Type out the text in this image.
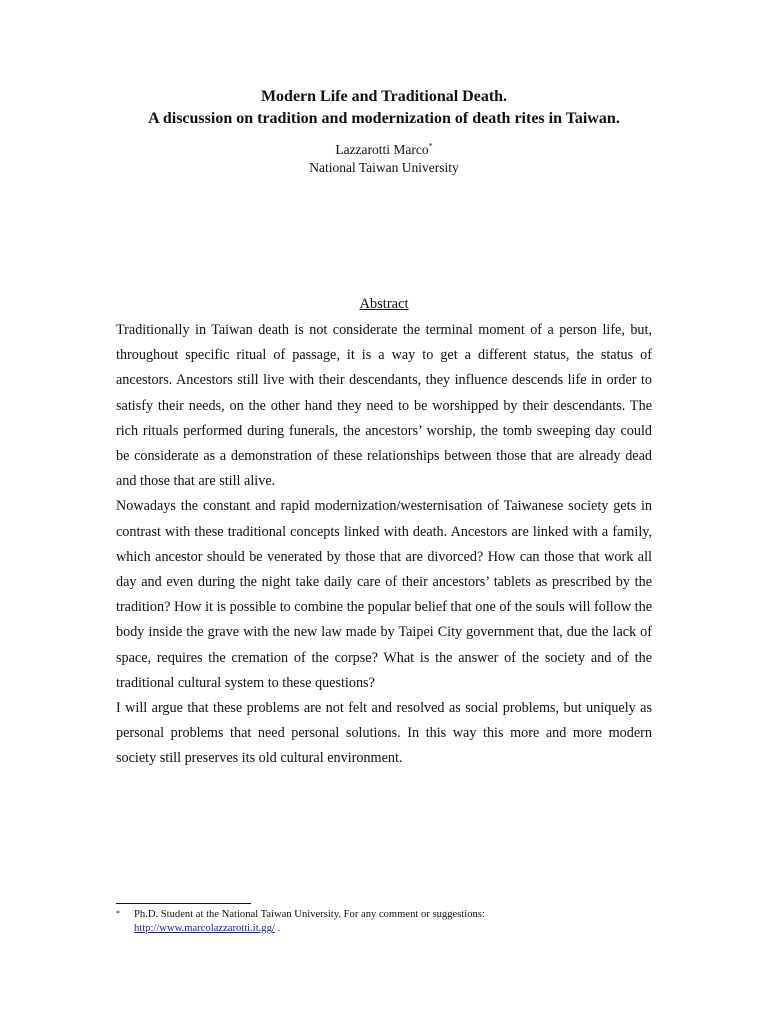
Modern Life and Traditional Death.

A discussion on tradition and modernization of death rites in Taiwan.

Lazzarotti Marco*
National Taiwan University
Abstract

Traditionally in Taiwan death is not considerate the terminal moment of a person life, but, throughout specific ritual of passage, it is a way to get a different status, the status of ancestors. Ancestors still live with their descendants, they influence descends life in order to satisfy their needs, on the other hand they need to be worshipped by their descendants. The rich rituals performed during funerals, the ancestors’ worship, the tomb sweeping day could be considerate as a demonstration of these relationships between those that are already dead and those that are still alive.

Nowadays the constant and rapid modernization/westernisation of Taiwanese society gets in contrast with these traditional concepts linked with death. Ancestors are linked with a family, which ancestor should be venerated by those that are divorced? How can those that work all day and even during the night take daily care of their ancestors’ tablets as prescribed by the tradition? How it is possible to combine the popular belief that one of the souls will follow the body inside the grave with the new law made by Taipei City government that, due the lack of space, requires the cremation of the corpse? What is the answer of the society and of the traditional cultural system to these questions?

I will argue that these problems are not felt and resolved as social problems, but uniquely as personal problems that need personal solutions. In this way this more and more modern society still preserves its old cultural environment.

* Ph.D. Student at the National Taiwan University. For any comment or suggestions:
http://www.marcolazzarotti.it.gg/ .
